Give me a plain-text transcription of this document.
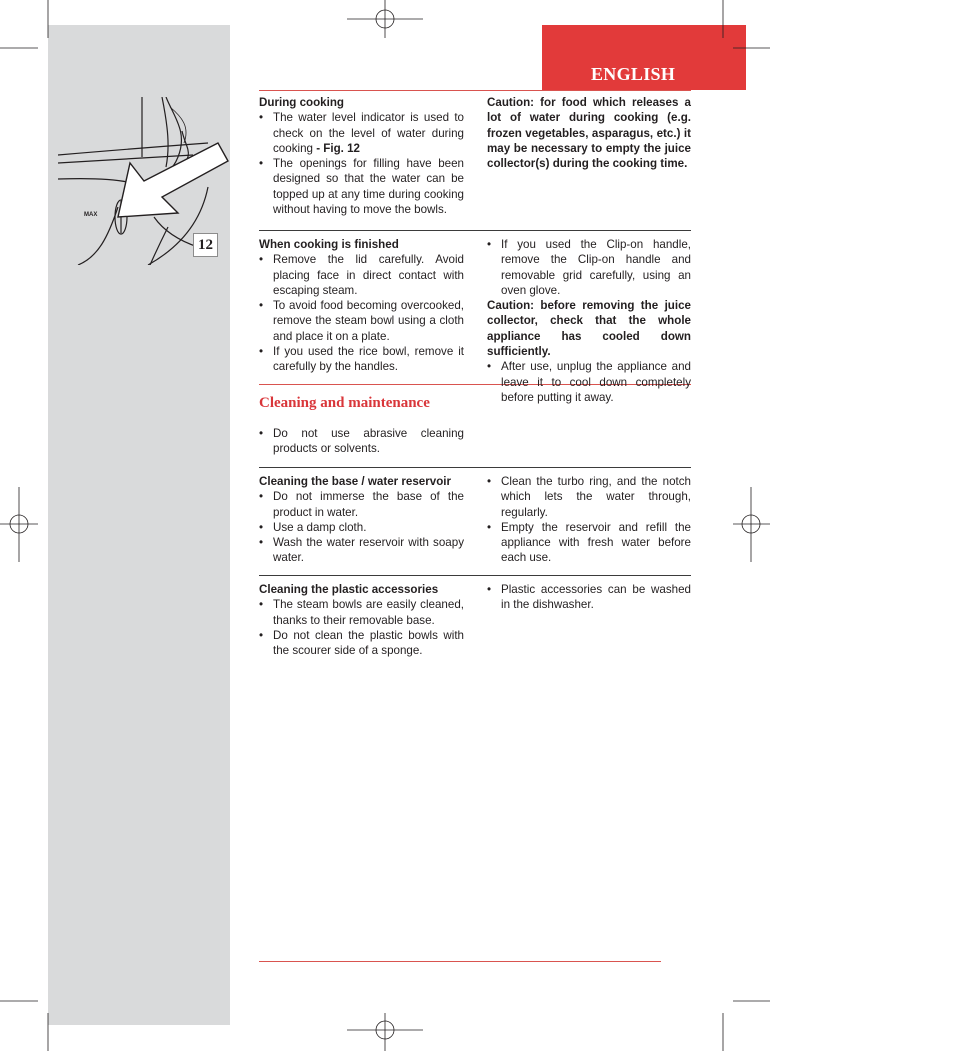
ENGLISH
MAX
12

During cooking

• The water level indicator is used to check on the level of water during cooking - Fig. 12
• The openings for filling have been designed so that the water can be topped up at any time during cooking without having to move the bowls.

Caution: for food which releases a lot of water during cooking (e.g. frozen vegetables, asparagus, etc.) it may be necessary to empty the juice collector(s) during the cooking time.

When cooking is finished

• Remove the lid carefully. Avoid placing face in direct contact with escaping steam.
• To avoid food becoming overcooked, remove the steam bowl using a cloth and place it on a plate.
• If you used the rice bowl, remove it carefully by the handles.
• If you used the Clip-on handle, remove the Clip-on handle and removable grid carefully, using an oven glove.

Caution: before removing the juice collector, check that the whole appliance has cooled down sufficiently.

• After use, unplug the appliance and leave it to cool down completely before putting it away.
Cleaning and maintenance
• Do not use abrasive cleaning products or solvents.

Cleaning the base / water reservoir

• Do not immerse the base of the product in water.
• Use a damp cloth.
• Wash the water reservoir with soapy water.
• Clean the turbo ring, and the notch which lets the water through, regularly.
• Empty the reservoir and refill the appliance with fresh water before each use.

Cleaning the plastic accessories

• The steam bowls are easily cleaned, thanks to their removable base.
• Do not clean the plastic bowls with the scourer side of a sponge.
• Plastic accessories can be washed in the dishwasher.
